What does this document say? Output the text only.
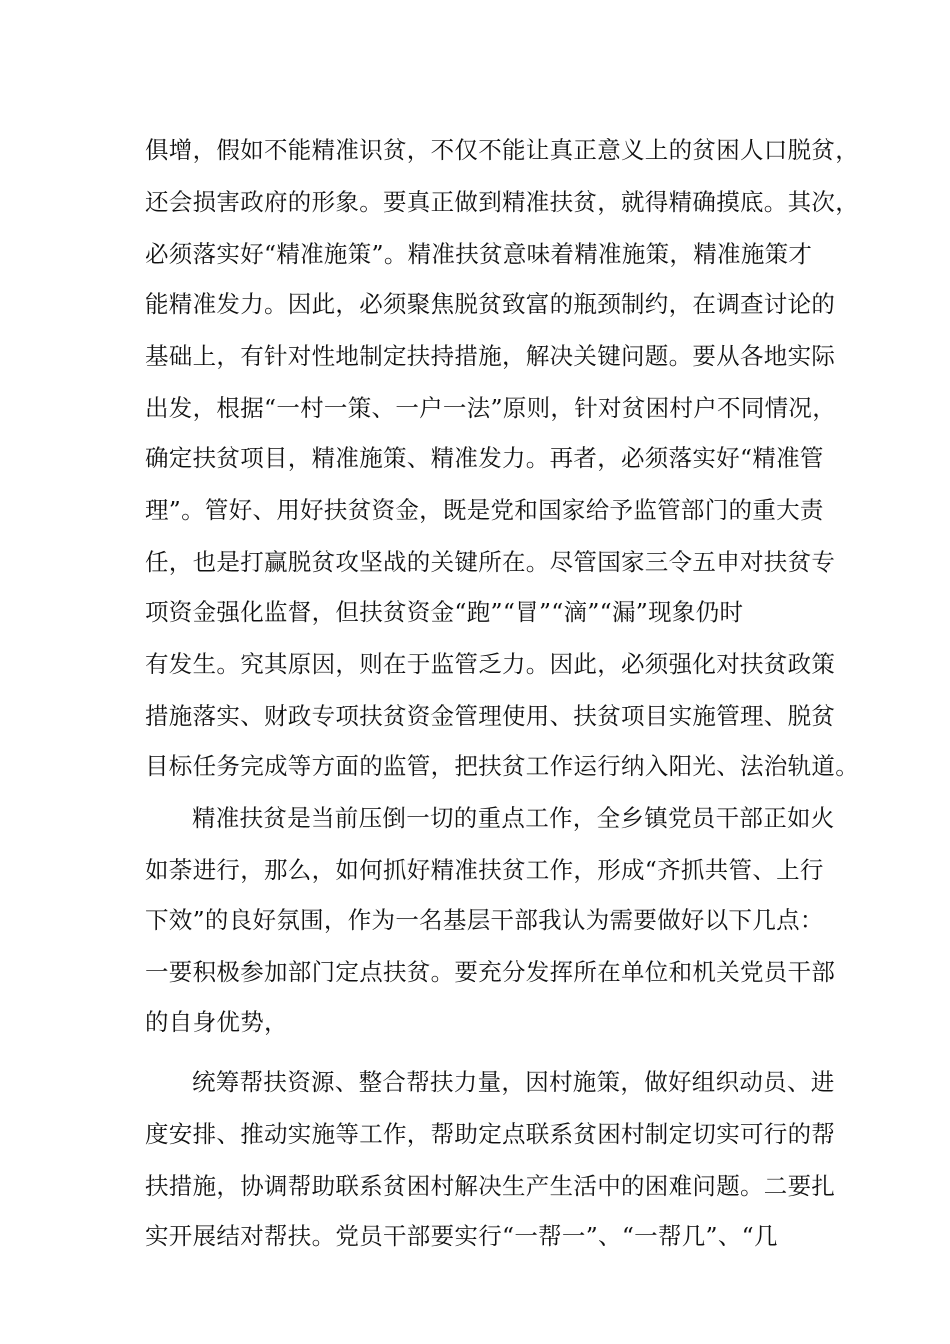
俱增，假如不能精准识贫，不仅不能让真正意义上的贫困人口脱贫，
还会损害政府的形象。要真正做到精准扶贫，就得精确摸底。其次，
必须落实好“精准施策”。精准扶贫意味着精准施策，精准施策才
能精准发力。因此，必须聚焦脱贫致富的瓶颈制约，在调查讨论的
基础上，有针对性地制定扶持措施，解决关键问题。要从各地实际
出发，根据“一村一策、一户一法”原则，针对贫困村户不同情况，
确定扶贫项目，精准施策、精准发力。再者，必须落实好“精准管
理”。管好、用好扶贫资金，既是党和国家给予监管部门的重大责
任，也是打赢脱贫攻坚战的关键所在。尽管国家三令五申对扶贫专
项资金强化监督，但扶贫资金“跑”“冒”“滴”“漏”现象仍时
有发生。究其原因，则在于监管乏力。因此，必须强化对扶贫政策
措施落实、财政专项扶贫资金管理使用、扶贫项目实施管理、脱贫
目标任务完成等方面的监管，把扶贫工作运行纳入阳光、法治轨道。
精准扶贫是当前压倒一切的重点工作，全乡镇党员干部正如火
如荼进行，那么，如何抓好精准扶贫工作，形成“齐抓共管、上行
下效”的良好氛围，作为一名基层干部我认为需要做好以下几点：
一要积极参加部门定点扶贫。要充分发挥所在单位和机关党员干部
的自身优势，
统筹帮扶资源、整合帮扶力量，因村施策，做好组织动员、进
度安排、推动实施等工作，帮助定点联系贫困村制定切实可行的帮
扶措施，协调帮助联系贫困村解决生产生活中的困难问题。二要扎
实开展结对帮扶。党员干部要实行“一帮一”、“一帮几”、“几
